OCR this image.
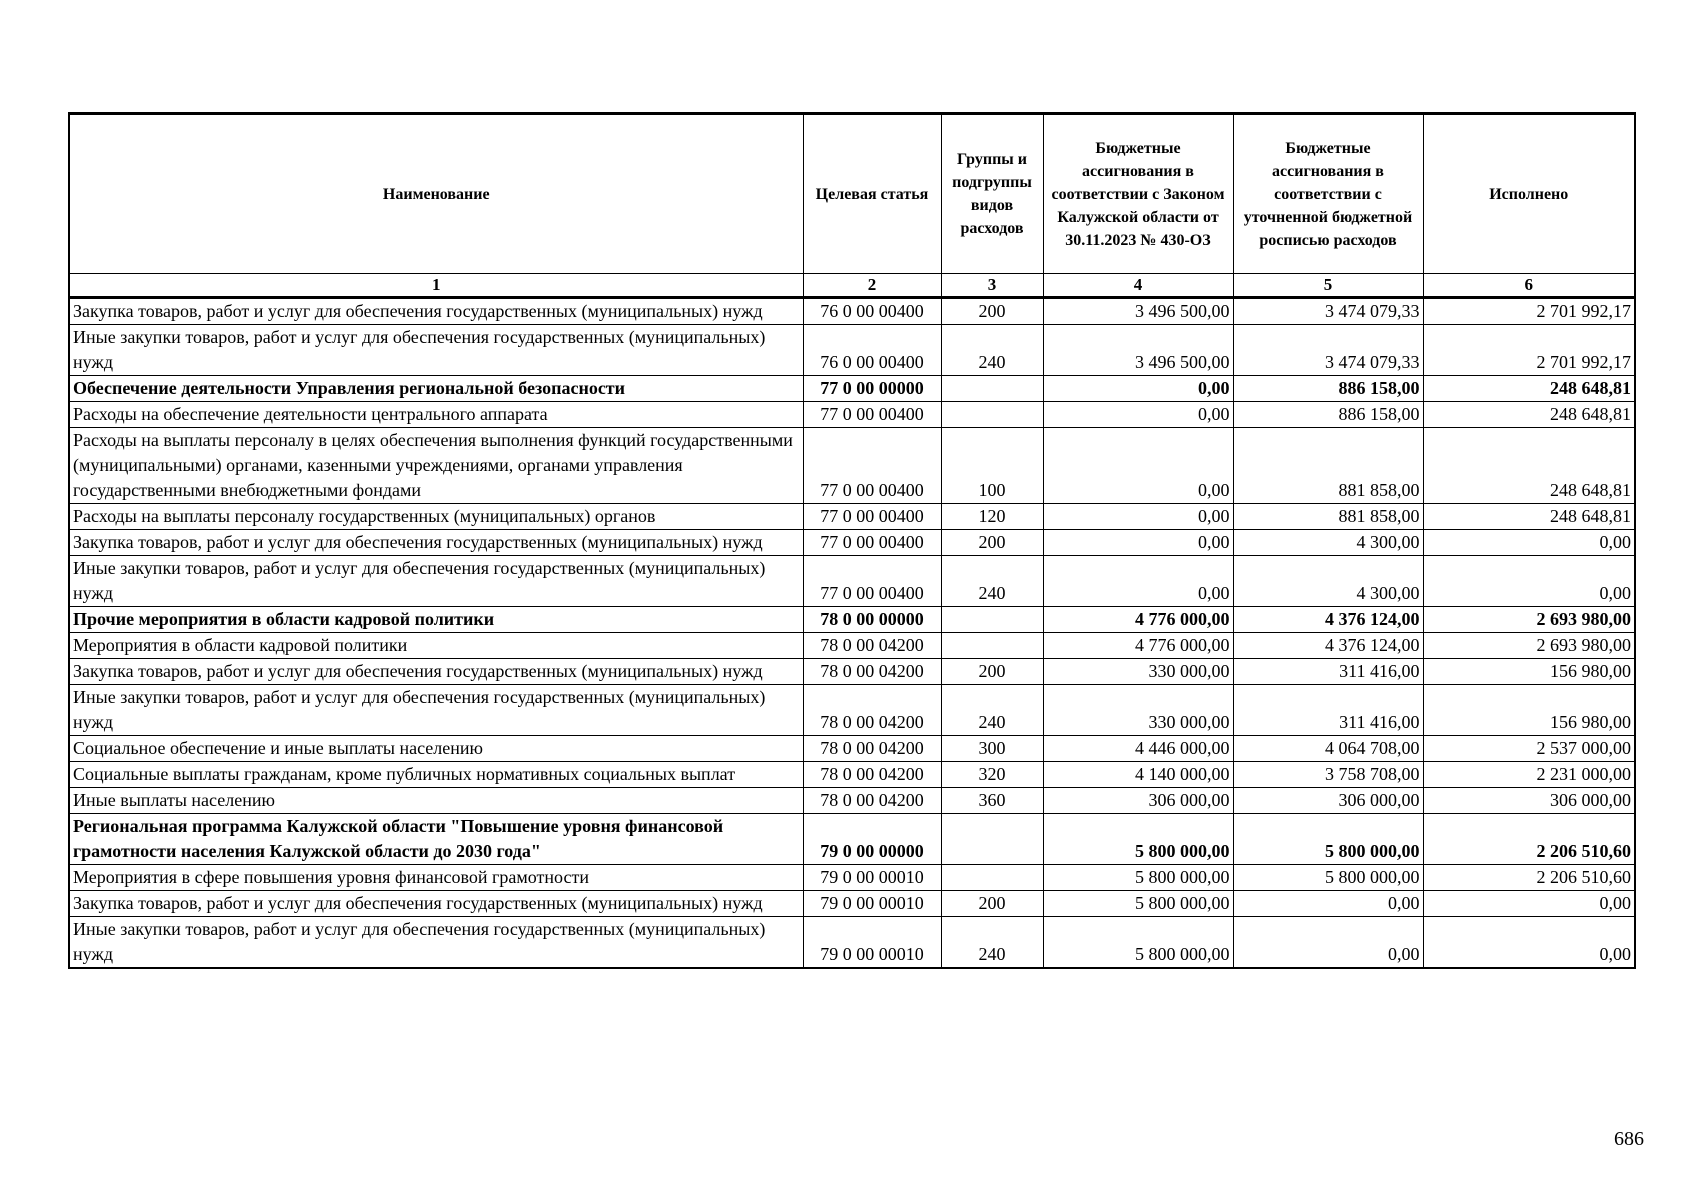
Наименование	Целевая статья	Группы и подгруппы видов расходов	Бюджетные ассигнования в соответствии с Законом Калужской области от 30.11.2023 № 430-ОЗ	Бюджетные ассигнования в соответствии с уточненной бюджетной росписью расходов	Исполнено
1	2	3	4	5	6
Закупка товаров, работ и услуг для обеспечения государственных (муниципальных) нужд	76 0 00 00400	200	3 496 500,00	3 474 079,33	2 701 992,17
Иные закупки товаров, работ и услуг для обеспечения государственных (муниципальных) нужд	76 0 00 00400	240	3 496 500,00	3 474 079,33	2 701 992,17
Обеспечение деятельности Управления региональной безопасности	77 0 00 00000		0,00	886 158,00	248 648,81
Расходы на обеспечение деятельности центрального аппарата	77 0 00 00400		0,00	886 158,00	248 648,81
Расходы на выплаты персоналу в целях обеспечения выполнения функций государственными (муниципальными) органами, казенными учреждениями, органами управления государственными внебюджетными фондами	77 0 00 00400	100	0,00	881 858,00	248 648,81
Расходы на выплаты персоналу государственных (муниципальных) органов	77 0 00 00400	120	0,00	881 858,00	248 648,81
Закупка товаров, работ и услуг для обеспечения государственных (муниципальных) нужд	77 0 00 00400	200	0,00	4 300,00	0,00
Иные закупки товаров, работ и услуг для обеспечения государственных (муниципальных) нужд	77 0 00 00400	240	0,00	4 300,00	0,00
Прочие мероприятия в области кадровой политики	78 0 00 00000		4 776 000,00	4 376 124,00	2 693 980,00
Мероприятия в области кадровой политики	78 0 00 04200		4 776 000,00	4 376 124,00	2 693 980,00
Закупка товаров, работ и услуг для обеспечения государственных (муниципальных) нужд	78 0 00 04200	200	330 000,00	311 416,00	156 980,00
Иные закупки товаров, работ и услуг для обеспечения государственных (муниципальных) нужд	78 0 00 04200	240	330 000,00	311 416,00	156 980,00
Социальное обеспечение и иные выплаты населению	78 0 00 04200	300	4 446 000,00	4 064 708,00	2 537 000,00
Социальные выплаты гражданам, кроме публичных нормативных социальных выплат	78 0 00 04200	320	4 140 000,00	3 758 708,00	2 231 000,00
Иные выплаты населению	78 0 00 04200	360	306 000,00	306 000,00	306 000,00
Региональная программа Калужской области "Повышение уровня финансовой грамотности населения Калужской области до 2030 года"	79 0 00 00000		5 800 000,00	5 800 000,00	2 206 510,60
Мероприятия в сфере повышения уровня финансовой грамотности	79 0 00 00010		5 800 000,00	5 800 000,00	2 206 510,60
Закупка товаров, работ и услуг для обеспечения государственных (муниципальных) нужд	79 0 00 00010	200	5 800 000,00	0,00	0,00
Иные закупки товаров, работ и услуг для обеспечения государственных (муниципальных) нужд	79 0 00 00010	240	5 800 000,00	0,00	0,00
686
